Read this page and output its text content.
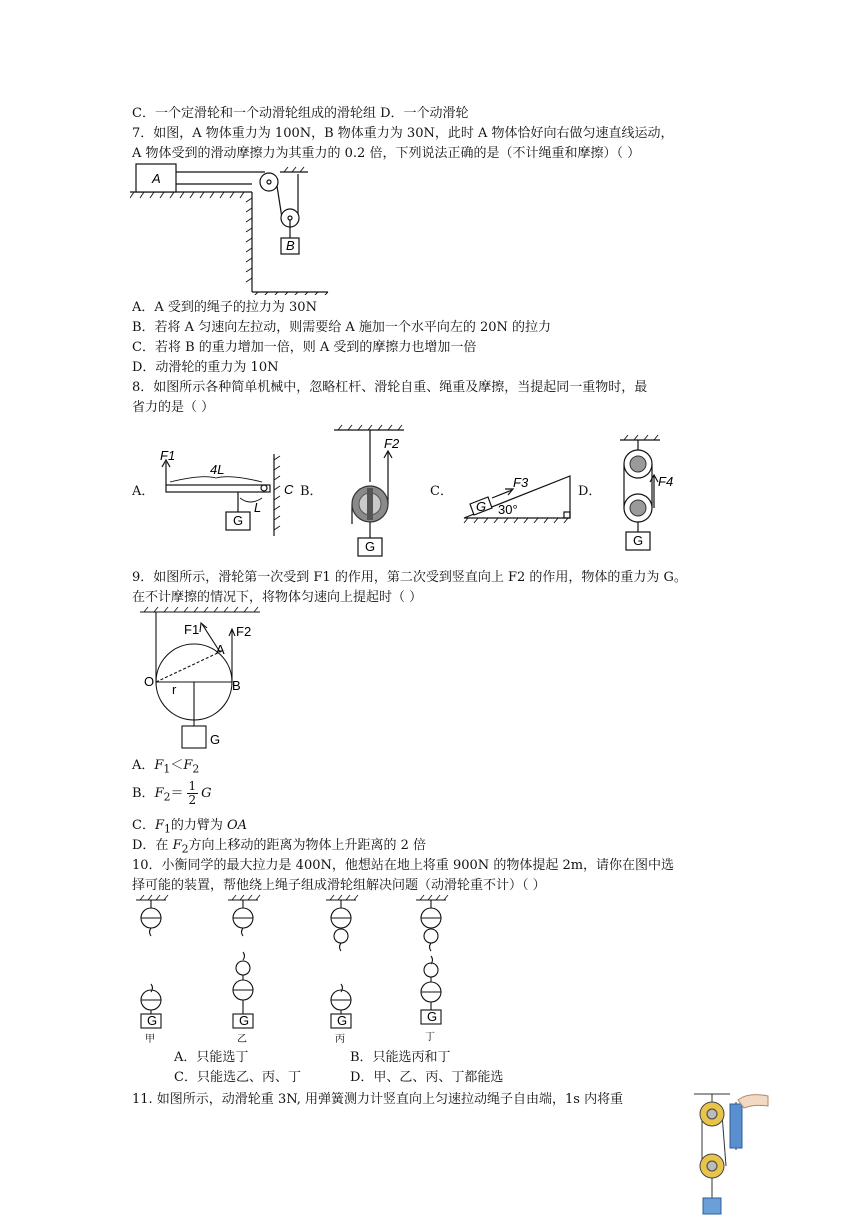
C．一个定滑轮和一个动滑轮组成的滑轮组 D．一个动滑轮
7．如图，A 物体重力为 100N，B 物体重力为 30N，此时 A 物体恰好向右做匀速直线运动，
A 物体受到的滑动摩擦力为其重力的 0.2 倍，下列说法正确的是（不计绳重和摩擦）（ ）
A
B
A．A 受到的绳子的拉力为 30N
B．若将 A 匀速向左拉动，则需要给 A 施加一个水平向左的 20N 的拉力
C．若将 B 的重力增加一倍，则 A 受到的摩擦力也增加一倍
D．动滑轮的重力为 10N
8．如图所示各种简单机械中，忽略杠杆、滑轮自重、绳重及摩擦，当提起同一重物时，最
省力的是（ ）
A．
F1
4L
L
G
C B．
F2
G
C．
G
F3
30°
D．
F4
G
9．如图所示，滑轮第一次受到 F1 的作用，第二次受到竖直向上 F2 的作用，物体的重力为 G。
在不计摩擦的情况下，将物体匀速向上提起时（ ）
F1	F2
A
O	B
r
G
A．$F_1<F_2$
B．$F_2= \frac{1}{2}$ G
C．$F_1$的力臂为 OA
D．在 $F_2$方向上移动的距离为物体上升距离的 2 倍
10．小衡同学的最大拉力是 400N，他想站在地上将重 900N 的物体提起 2m，请你在图中选
择可能的装置，帮他绕上绳子组成滑轮组解决问题（动滑轮重不计）（ ）
G	G	G	G
甲	乙	丙	丁
A．只能选丁	B．只能选丙和丁
C．只能选乙、丙、丁	D．甲、乙、丙、丁都能选
11. 如图所示，动滑轮重 3N, 用弹簧测力计竖直向上匀速拉动绳子自由端，1s 内将重
